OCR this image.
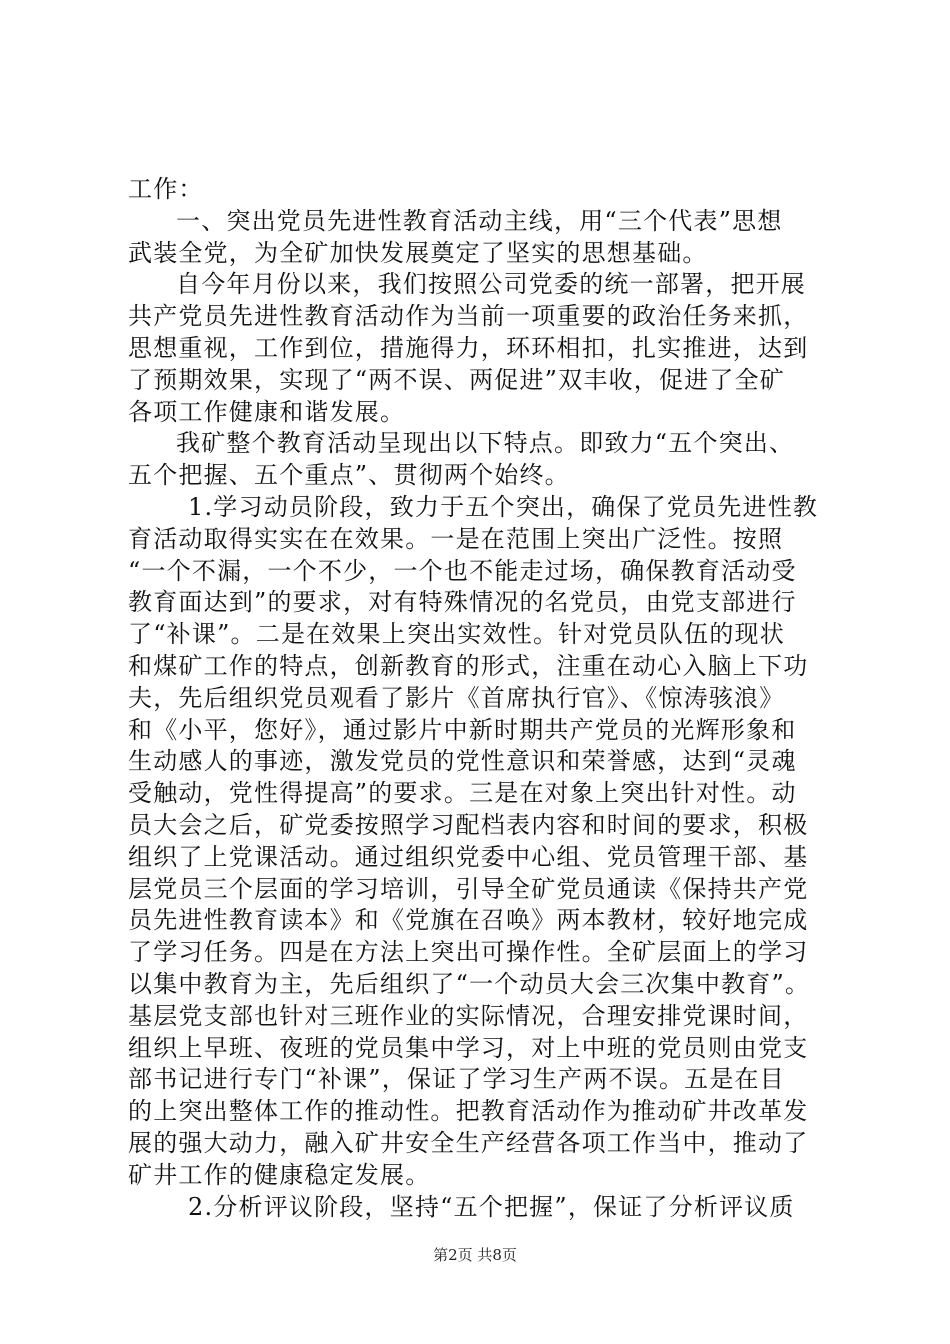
工作：
一、突出党员先进性教育活动主线，用“三个代表”思想
武装全党，为全矿加快发展奠定了坚实的思想基础。
自今年月份以来，我们按照公司党委的统一部署，把开展
共产党员先进性教育活动作为当前一项重要的政治任务来抓，
思想重视，工作到位，措施得力，环环相扣，扎实推进，达到
了预期效果，实现了“两不误、两促进”双丰收，促进了全矿
各项工作健康和谐发展。
我矿整个教育活动呈现出以下特点。即致力“五个突出、
五个把握、五个重点”、贯彻两个始终。
1.学习动员阶段，致力于五个突出，确保了党员先进性教
育活动取得实实在在效果。一是在范围上突出广泛性。按照
“一个不漏，一个不少，一个也不能走过场，确保教育活动受
教育面达到”的要求，对有特殊情况的名党员，由党支部进行
了“补课”。二是在效果上突出实效性。针对党员队伍的现状
和煤矿工作的特点，创新教育的形式，注重在动心入脑上下功
夫，先后组织党员观看了影片《首席执行官》、《惊涛骇浪》
和《小平，您好》，通过影片中新时期共产党员的光辉形象和
生动感人的事迹，激发党员的党性意识和荣誉感，达到“灵魂
受触动，党性得提高”的要求。三是在对象上突出针对性。动
员大会之后，矿党委按照学习配档表内容和时间的要求，积极
组织了上党课活动。通过组织党委中心组、党员管理干部、基
层党员三个层面的学习培训，引导全矿党员通读《保持共产党
员先进性教育读本》和《党旗在召唤》两本教材，较好地完成
了学习任务。四是在方法上突出可操作性。全矿层面上的学习
以集中教育为主，先后组织了“一个动员大会三次集中教育”。
基层党支部也针对三班作业的实际情况，合理安排党课时间，
组织上早班、夜班的党员集中学习，对上中班的党员则由党支
部书记进行专门“补课”，保证了学习生产两不误。五是在目
的上突出整体工作的推动性。把教育活动作为推动矿井改革发
展的强大动力，融入矿井安全生产经营各项工作当中，推动了
矿井工作的健康稳定发展。
2.分析评议阶段，坚持“五个把握”，保证了分析评议质
第2页 共8页
